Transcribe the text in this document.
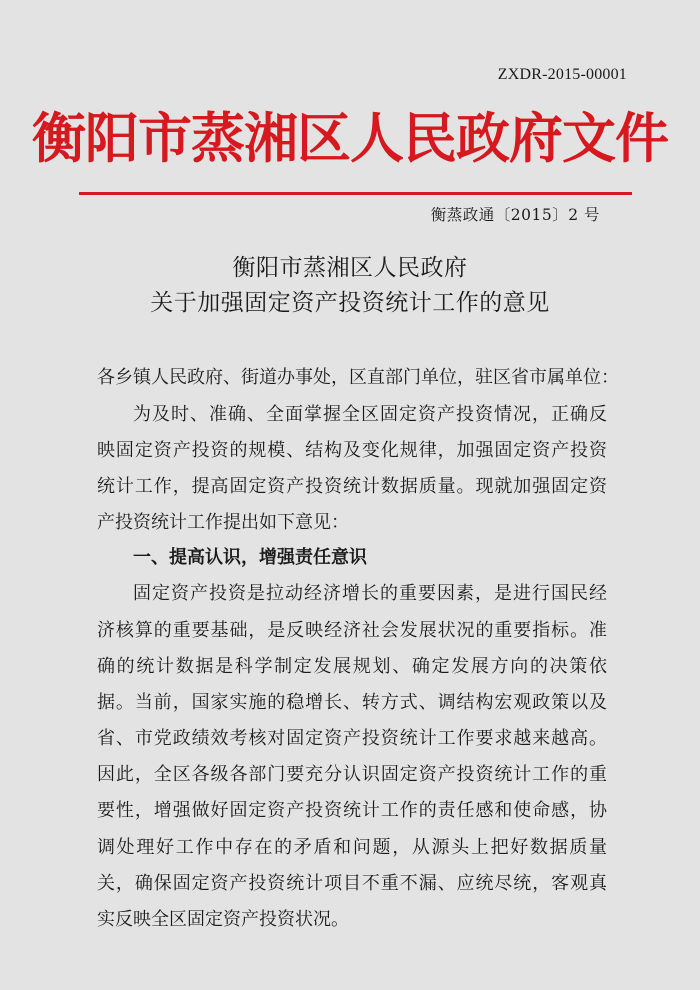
ZXDR-2015-00001
衡阳市蒸湘区人民政府文件
衡蒸政通〔2015〕2 号
衡阳市蒸湘区人民政府
关于加强固定资产投资统计工作的意见
各乡镇人民政府、街道办事处，区直部门单位，驻区省市属单位：
为及时、准确、全面掌握全区固定资产投资情况，正确反
映固定资产投资的规模、结构及变化规律，加强固定资产投资
统计工作，提高固定资产投资统计数据质量。现就加强固定资
产投资统计工作提出如下意见：
一、提高认识，增强责任意识
固定资产投资是拉动经济增长的重要因素，是进行国民经
济核算的重要基础，是反映经济社会发展状况的重要指标。准
确的统计数据是科学制定发展规划、确定发展方向的决策依
据。当前，国家实施的稳增长、转方式、调结构宏观政策以及
省、市党政绩效考核对固定资产投资统计工作要求越来越高。
因此，全区各级各部门要充分认识固定资产投资统计工作的重
要性，增强做好固定资产投资统计工作的责任感和使命感，协
调处理好工作中存在的矛盾和问题，从源头上把好数据质量
关，确保固定资产投资统计项目不重不漏、应统尽统，客观真
实反映全区固定资产投资状况。
